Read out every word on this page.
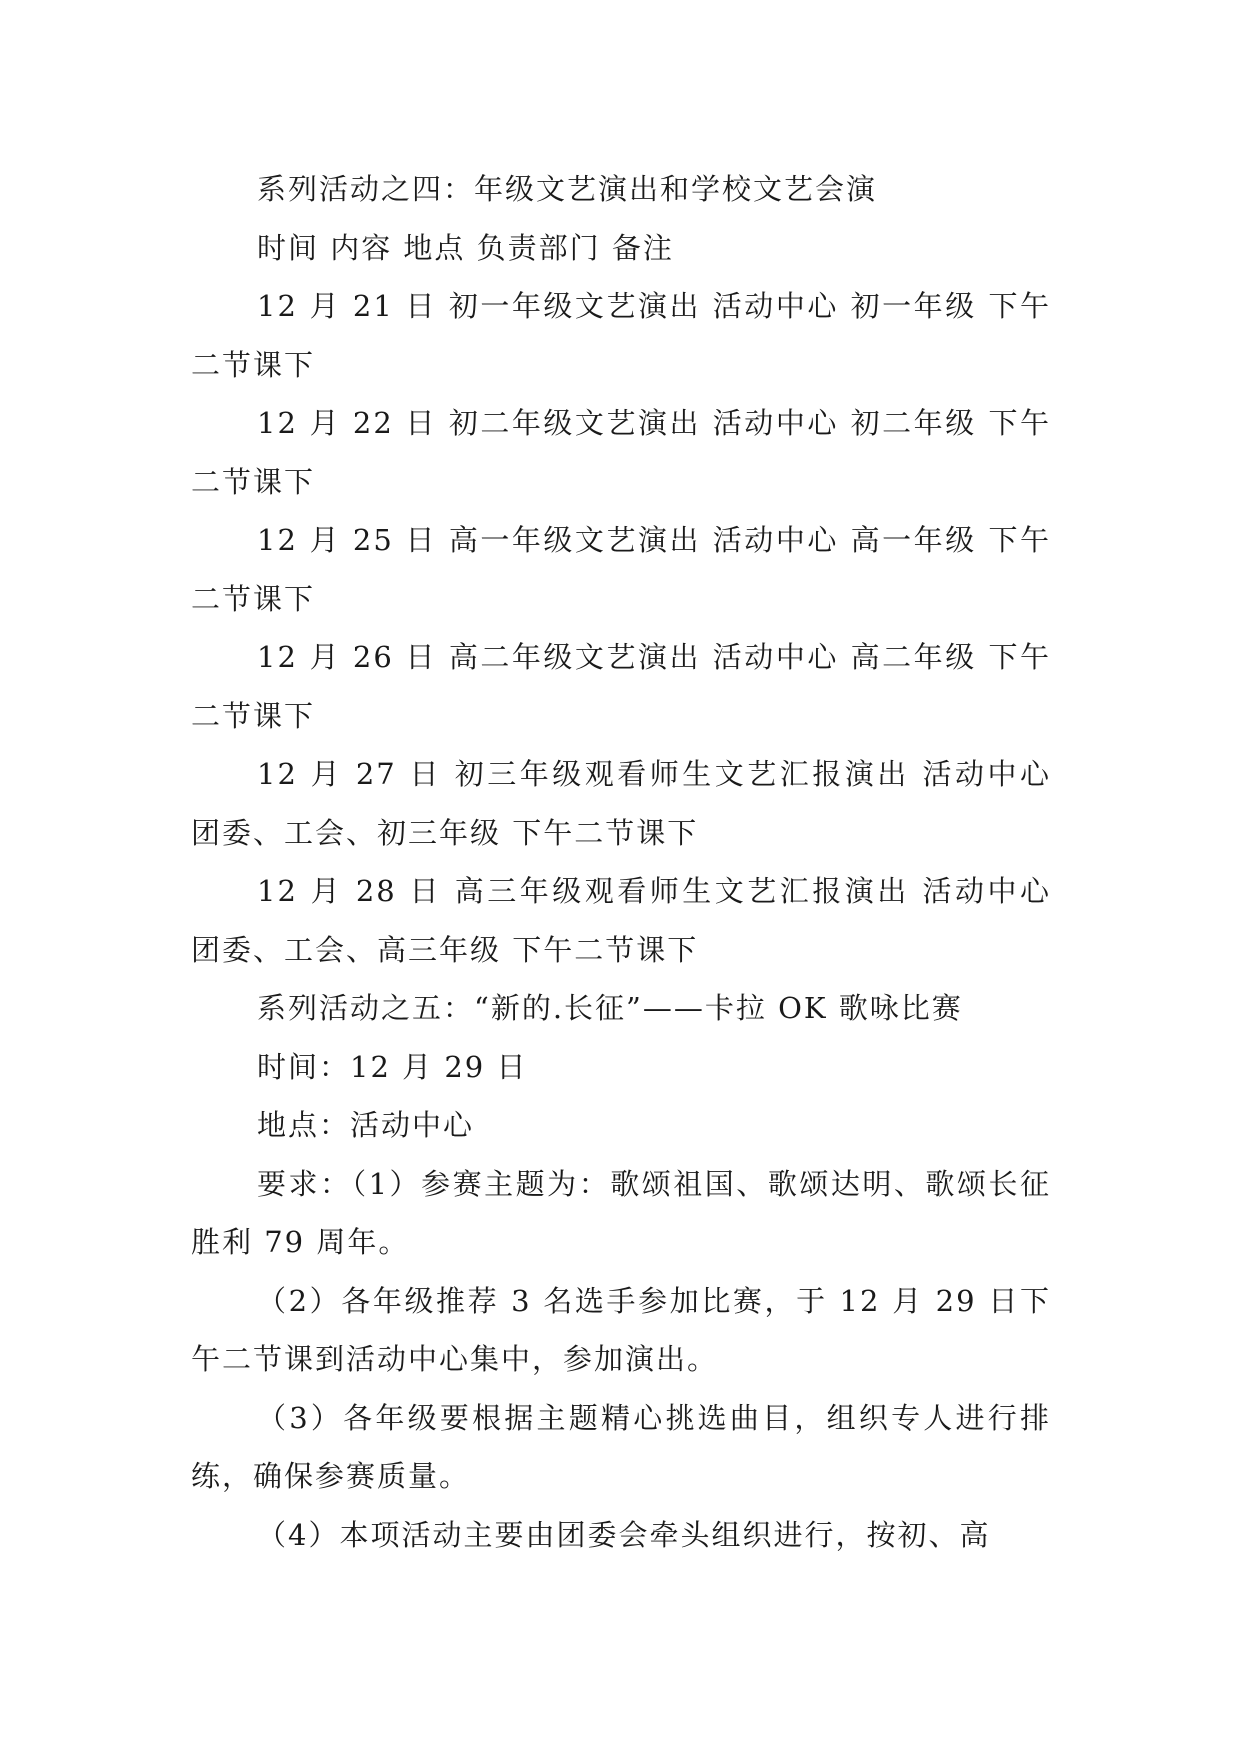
系列活动之四：年级文艺演出和学校文艺会演

时间 内容 地点 负责部门 备注

12 月 21 日 初一年级文艺演出 活动中心 初一年级 下午二节课下

12 月 22 日 初二年级文艺演出 活动中心 初二年级 下午二节课下

12 月 25 日 高一年级文艺演出 活动中心 高一年级 下午二节课下

12 月 26 日 高二年级文艺演出 活动中心 高二年级 下午二节课下

12 月 27 日 初三年级观看师生文艺汇报演出 活动中心 团委、工会、初三年级 下午二节课下

12 月 28 日 高三年级观看师生文艺汇报演出 活动中心 团委、工会、高三年级 下午二节课下

系列活动之五：“新的.长征”——卡拉 OK 歌咏比赛

时间：12 月 29 日

地点：活动中心

要求：（1）参赛主题为：歌颂祖国、歌颂达明、歌颂长征胜利 79 周年。

（2）各年级推荐 3 名选手参加比赛，于 12 月 29 日下午二节课到活动中心集中，参加演出。

（3）各年级要根据主题精心挑选曲目，组织专人进行排练，确保参赛质量。

（4）本项活动主要由团委会牵头组织进行，按初、高
